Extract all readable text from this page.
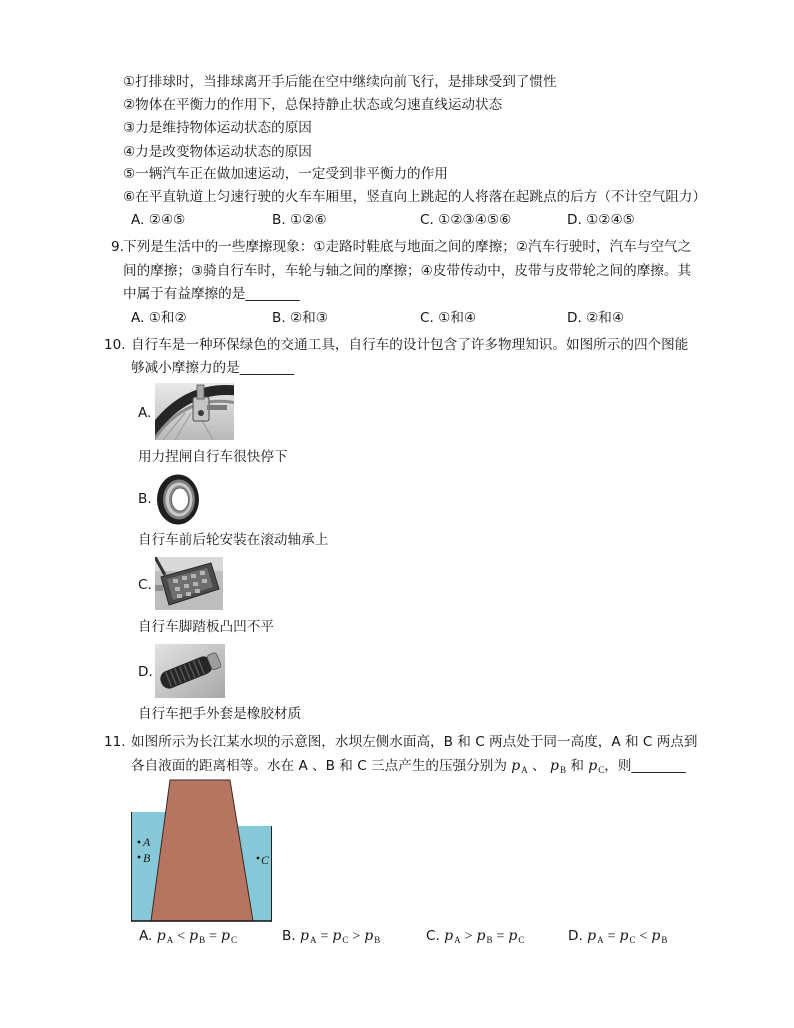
①打排球时，当排球离开手后能在空中继续向前飞行，是排球受到了惯性
②物体在平衡力的作用下，总保持静止状态或匀速直线运动状态
③力是维持物体运动状态的原因
④力是改变物体运动状态的原因
⑤一辆汽车正在做加速运动，一定受到非平衡力的作用
⑥在平直轨道上匀速行驶的火车车厢里，竖直向上跳起的人将落在起跳点的后方（不计空气阻力）
A. ②④⑤	B. ①②⑥	C. ①②③④⑤⑥	D. ①②④⑤
9. 下列是生活中的一些摩擦现象：①走路时鞋底与地面之间的摩擦；②汽车行驶时，汽车与空气之
间的摩擦；③骑自行车时，车轮与轴之间的摩擦；④皮带传动中，皮带与皮带轮之间的摩擦。其
中属于有益摩擦的是________
A. ①和②	B. ②和③	C. ①和④	D. ②和④
10. 自行车是一种环保绿色的交通工具，自行车的设计包含了许多物理知识。如图所示的四个图能
够减小摩擦力的是________
A.
用力捏闸自行车很快停下
B.
自行车前后轮安装在滚动轴承上
C.
自行车脚踏板凸凹不平
D.
自行车把手外套是橡胶材质
11. 如图所示为长江某水坝的示意图，水坝左侧水面高，B 和 C 两点处于同一高度，A 和 C 两点到
各自液面的距离相等。水在 A 、B 和 C 三点产生的压强分别为 $p_A$ 、 $p_B$ 和 $p_C$，则________
A
B	C
A. $p_A < p_B = p_C$	B. $p_A = p_C > p_B$	C. $p_A > p_B = p_C$	D. $p_A = p_C < p_B$
